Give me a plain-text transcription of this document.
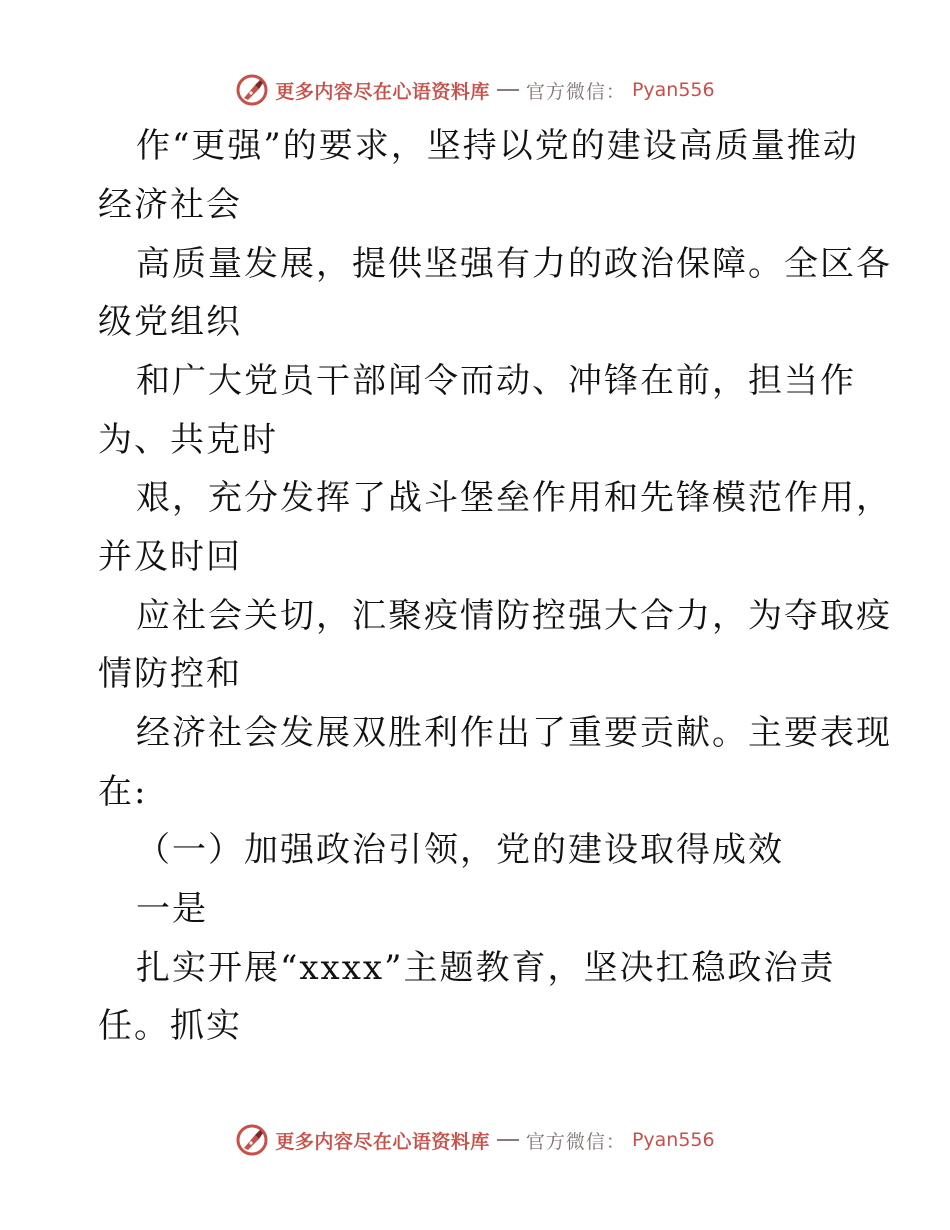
更多内容尽在心语资料库 官方微信： Pyan556
作“更强”的要求，坚持以党的建设高质量推动
经济社会
高质量发展，提供坚强有力的政治保障。全区各
级党组织
和广大党员干部闻令而动、冲锋在前，担当作
为、共克时
艰，充分发挥了战斗堡垒作用和先锋模范作用，
并及时回
应社会关切，汇聚疫情防控强大合力，为夺取疫
情防控和
经济社会发展双胜利作出了重要贡献。主要表现
在:
（一）加强政治引领，党的建设取得成效
一是
扎实开展“xxxx”主题教育，坚决扛稳政治责
任。抓实
更多内容尽在心语资料库 官方微信： Pyan556
